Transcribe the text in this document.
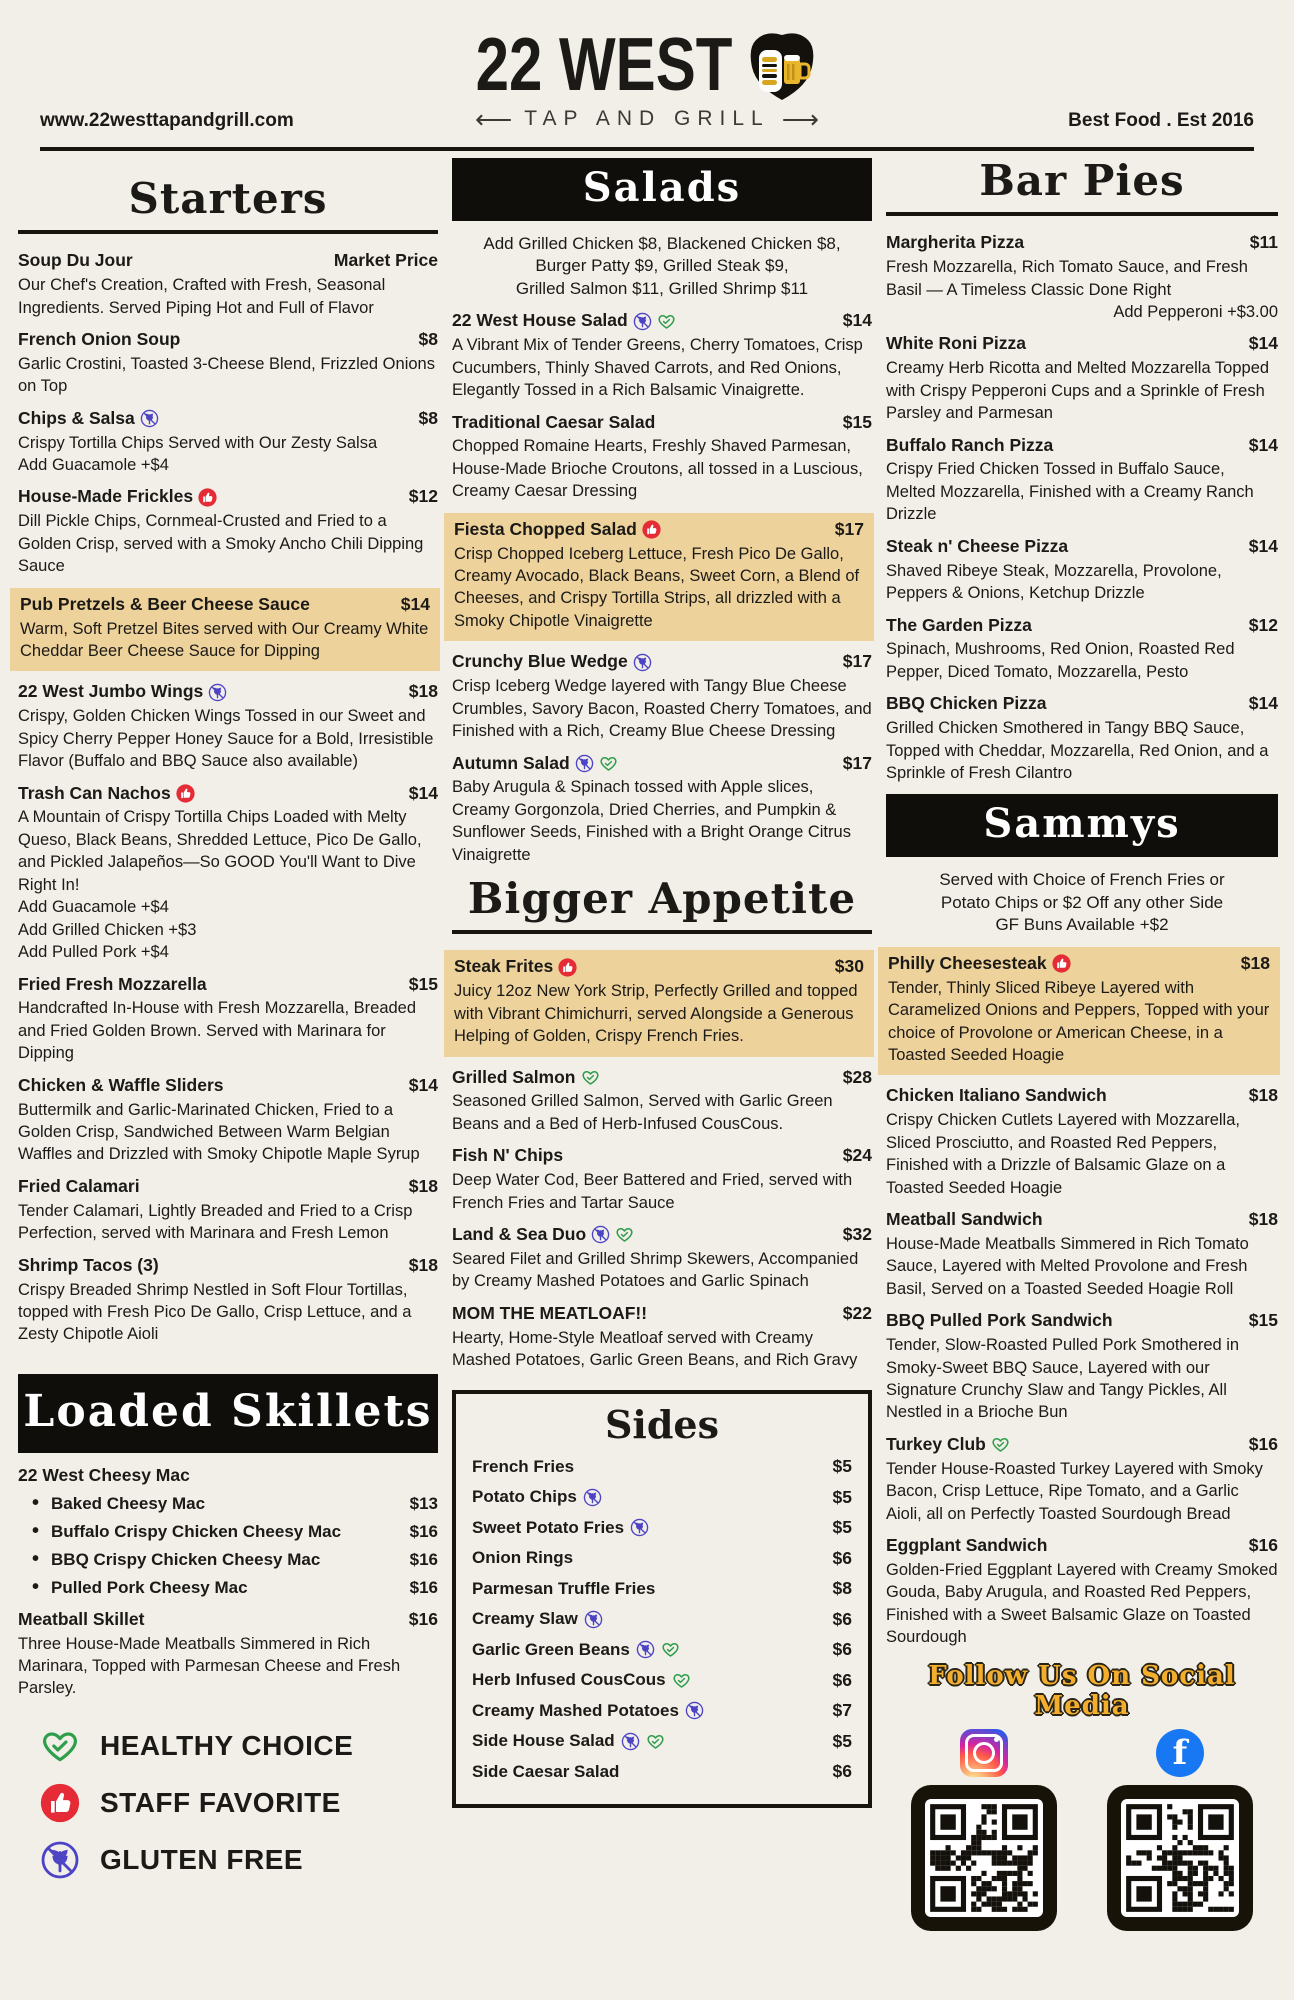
www.22westtapandgrill.com	Best Food . Est 2016
22 WEST
⟵ TAP AND GRILL ⟶
Starters
Soup Du Jour	Market Price
Our Chef's Creation, Crafted with Fresh, Seasonal Ingredients. Served Piping Hot and Full of Flavor
French Onion Soup	$8
Garlic Crostini, Toasted 3-Cheese Blend, Frizzled Onions on Top
Chips & Salsa	$8
Crispy Tortilla Chips Served with Our Zesty Salsa
Add Guacamole +$4
House-Made Frickles	$12
Dill Pickle Chips, Cornmeal-Crusted and Fried to a Golden Crisp, served with a Smoky Ancho Chili Dipping Sauce
Pub Pretzels & Beer Cheese Sauce	$14
Warm, Soft Pretzel Bites served with Our Creamy White Cheddar Beer Cheese Sauce for Dipping
22 West Jumbo Wings	$18
Crispy, Golden Chicken Wings Tossed in our Sweet and Spicy Cherry Pepper Honey Sauce for a Bold, Irresistible Flavor (Buffalo and BBQ Sauce also available)
Trash Can Nachos	$14
A Mountain of Crispy Tortilla Chips Loaded with Melty Queso, Black Beans, Shredded Lettuce, Pico De Gallo, and Pickled Jalapeños—So GOOD You'll Want to Dive Right In!
Add Guacamole +$4
Add Grilled Chicken +$3
Add Pulled Pork +$4
Fried Fresh Mozzarella	$15
Handcrafted In-House with Fresh Mozzarella, Breaded and Fried Golden Brown. Served with Marinara for Dipping
Chicken & Waffle Sliders	$14
Buttermilk and Garlic-Marinated Chicken, Fried to a Golden Crisp, Sandwiched Between Warm Belgian Waffles and Drizzled with Smoky Chipotle Maple Syrup
Fried Calamari	$18
Tender Calamari, Lightly Breaded and Fried to a Crisp Perfection, served with Marinara and Fresh Lemon
Shrimp Tacos (3)	$18
Crispy Breaded Shrimp Nestled in Soft Flour Tortillas, topped with Fresh Pico De Gallo, Crisp Lettuce, and a Zesty Chipotle Aioli
Loaded Skillets
22 West Cheesy Mac
• Baked Cheesy Mac	$13
• Buffalo Crispy Chicken Cheesy Mac	$16
• BBQ Crispy Chicken Cheesy Mac	$16
• Pulled Pork Cheesy Mac	$16
Meatball Skillet	$16
Three House-Made Meatballs Simmered in Rich Marinara, Topped with Parmesan Cheese and Fresh Parsley.
HEALTHY CHOICE
STAFF FAVORITE
GLUTEN FREE
Salads
Add Grilled Chicken $8, Blackened Chicken $8,
Burger Patty $9, Grilled Steak $9,
Grilled Salmon $11, Grilled Shrimp $11
22 West House Salad	$14
A Vibrant Mix of Tender Greens, Cherry Tomatoes, Crisp Cucumbers, Thinly Shaved Carrots, and Red Onions, Elegantly Tossed in a Rich Balsamic Vinaigrette.
Traditional Caesar Salad	$15
Chopped Romaine Hearts, Freshly Shaved Parmesan, House-Made Brioche Croutons, all tossed in a Luscious, Creamy Caesar Dressing
Fiesta Chopped Salad	$17
Crisp Chopped Iceberg Lettuce, Fresh Pico De Gallo, Creamy Avocado, Black Beans, Sweet Corn, a Blend of Cheeses, and Crispy Tortilla Strips, all drizzled with a Smoky Chipotle Vinaigrette
Crunchy Blue Wedge	$17
Crisp Iceberg Wedge layered with Tangy Blue Cheese Crumbles, Savory Bacon, Roasted Cherry Tomatoes, and Finished with a Rich, Creamy Blue Cheese Dressing
Autumn Salad	$17
Baby Arugula & Spinach tossed with Apple slices, Creamy Gorgonzola, Dried Cherries, and Pumpkin & Sunflower Seeds, Finished with a Bright Orange Citrus Vinaigrette
Bigger Appetite
Steak Frites	$30
Juicy 12oz New York Strip, Perfectly Grilled and topped with Vibrant Chimichurri, served Alongside a Generous Helping of Golden, Crispy French Fries.
Grilled Salmon	$28
Seasoned Grilled Salmon, Served with Garlic Green Beans and a Bed of Herb-Infused CousCous.
Fish N' Chips	$24
Deep Water Cod, Beer Battered and Fried, served with French Fries and Tartar Sauce
Land & Sea Duo	$32
Seared Filet and Grilled Shrimp Skewers, Accompanied by Creamy Mashed Potatoes and Garlic Spinach
MOM THE MEATLOAF!!	$22
Hearty, Home-Style Meatloaf served with Creamy Mashed Potatoes, Garlic Green Beans, and Rich Gravy
Sides
French Fries	$5
Potato Chips	$5
Sweet Potato Fries	$5
Onion Rings	$6
Parmesan Truffle Fries	$8
Creamy Slaw	$6
Garlic Green Beans	$6
Herb Infused CousCous	$6
Creamy Mashed Potatoes	$7
Side House Salad	$5
Side Caesar Salad	$6
Bar Pies
Margherita Pizza	$11
Fresh Mozzarella, Rich Tomato Sauce, and Fresh Basil — A Timeless Classic Done Right
Add Pepperoni +$3.00
White Roni Pizza	$14
Creamy Herb Ricotta and Melted Mozzarella Topped with Crispy Pepperoni Cups and a Sprinkle of Fresh Parsley and Parmesan
Buffalo Ranch Pizza	$14
Crispy Fried Chicken Tossed in Buffalo Sauce, Melted Mozzarella, Finished with a Creamy Ranch Drizzle
Steak n' Cheese Pizza	$14
Shaved Ribeye Steak, Mozzarella, Provolone, Peppers & Onions, Ketchup Drizzle
The Garden Pizza	$12
Spinach, Mushrooms, Red Onion, Roasted Red Pepper, Diced Tomato, Mozzarella, Pesto
BBQ Chicken Pizza	$14
Grilled Chicken Smothered in Tangy BBQ Sauce, Topped with Cheddar, Mozzarella, Red Onion, and a Sprinkle of Fresh Cilantro
Sammys
Served with Choice of French Fries or
Potato Chips or $2 Off any other Side
GF Buns Available +$2
Philly Cheesesteak	$18
Tender, Thinly Sliced Ribeye Layered with Caramelized Onions and Peppers, Topped with your choice of Provolone or American Cheese, in a Toasted Seeded Hoagie
Chicken Italiano Sandwich	$18
Crispy Chicken Cutlets Layered with Mozzarella, Sliced Prosciutto, and Roasted Red Peppers, Finished with a Drizzle of Balsamic Glaze on a Toasted Seeded Hoagie
Meatball Sandwich	$18
House-Made Meatballs Simmered in Rich Tomato Sauce, Layered with Melted Provolone and Fresh Basil, Served on a Toasted Seeded Hoagie Roll
BBQ Pulled Pork Sandwich	$15
Tender, Slow-Roasted Pulled Pork Smothered in Smoky-Sweet BBQ Sauce, Layered with our Signature Crunchy Slaw and Tangy Pickles, All Nestled in a Brioche Bun
Turkey Club	$16
Tender House-Roasted Turkey Layered with Smoky Bacon, Crisp Lettuce, Ripe Tomato, and a Garlic Aioli, all on Perfectly Toasted Sourdough Bread
Eggplant Sandwich	$16
Golden-Fried Eggplant Layered with Creamy Smoked Gouda, Baby Arugula, and Roasted Red Peppers, Finished with a Sweet Balsamic Glaze on Toasted Sourdough
Follow Us On Social Media
f
